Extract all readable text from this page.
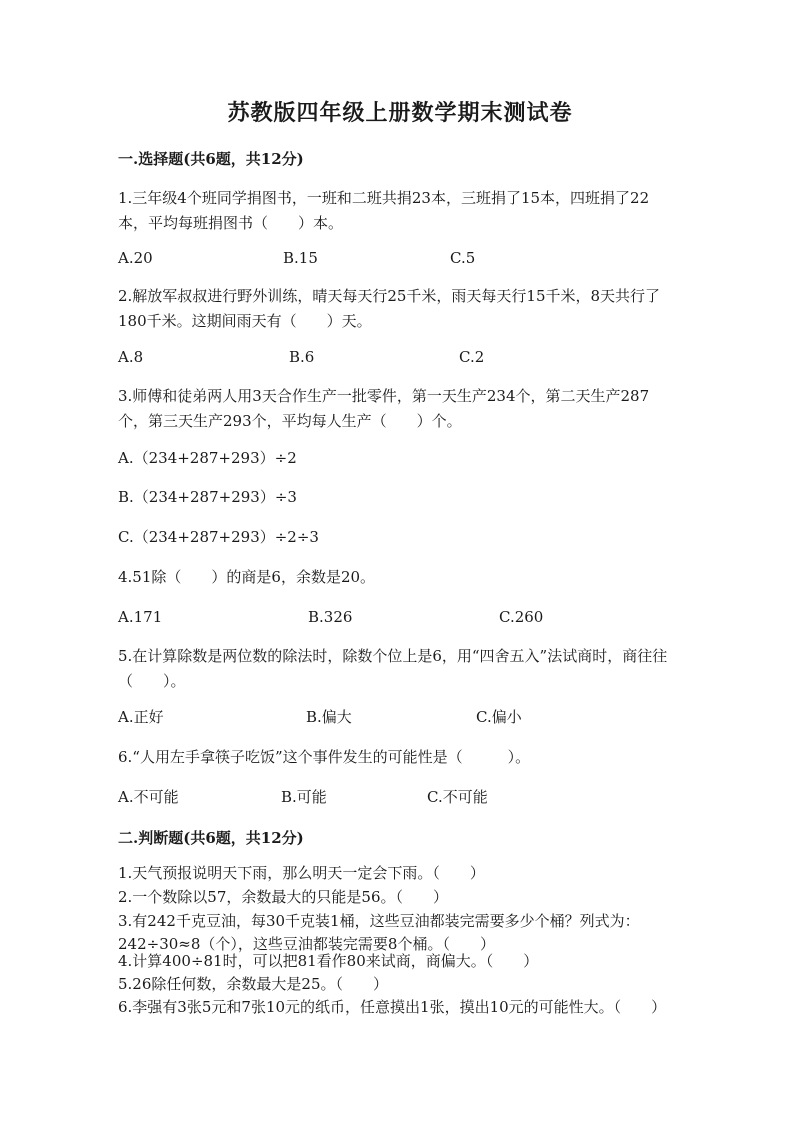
苏教版四年级上册数学期末测试卷
一.选择题(共6题，共12分)
1.三年级4个班同学捐图书，一班和二班共捐23本，三班捐了15本，四班捐了22本，平均每班捐图书（　　）本。
A.20	B.15	C.5
2.解放军叔叔进行野外训练，晴天每天行25千米，雨天每天行15千米，8天共行了180千米。这期间雨天有（　　）天。
A.8	B.6	C.2
3.师傅和徒弟两人用3天合作生产一批零件，第一天生产234个，第二天生产287个，第三天生产293个，平均每人生产（　　）个。
A.（234+287+293）÷2
B.（234+287+293）÷3
C.（234+287+293）÷2÷3
4.51除（　　）的商是6，余数是20。
A.171	B.326	C.260
5.在计算除数是两位数的除法时，除数个位上是6，用“四舍五入”法试商时，商往往（　　）。
A.正好	B.偏大	C.偏小
6.“人用左手拿筷子吃饭”这个事件发生的可能性是（　　　）。
A.不可能	B.可能	C.不可能
二.判断题(共6题，共12分)
1.天气预报说明天下雨，那么明天一定会下雨。（　　）
2.一个数除以57，余数最大的只能是56。（　　）
3.有242千克豆油，每30千克装1桶，这些豆油都装完需要多少个桶？列式为：242÷30≈8（个），这些豆油都装完需要8个桶。（　　）
4.计算400÷81时，可以把81看作80来试商，商偏大。（　　）
5.26除任何数，余数最大是25。（　　）
6.李强有3张5元和7张10元的纸币，任意摸出1张，摸出10元的可能性大。（　　）
